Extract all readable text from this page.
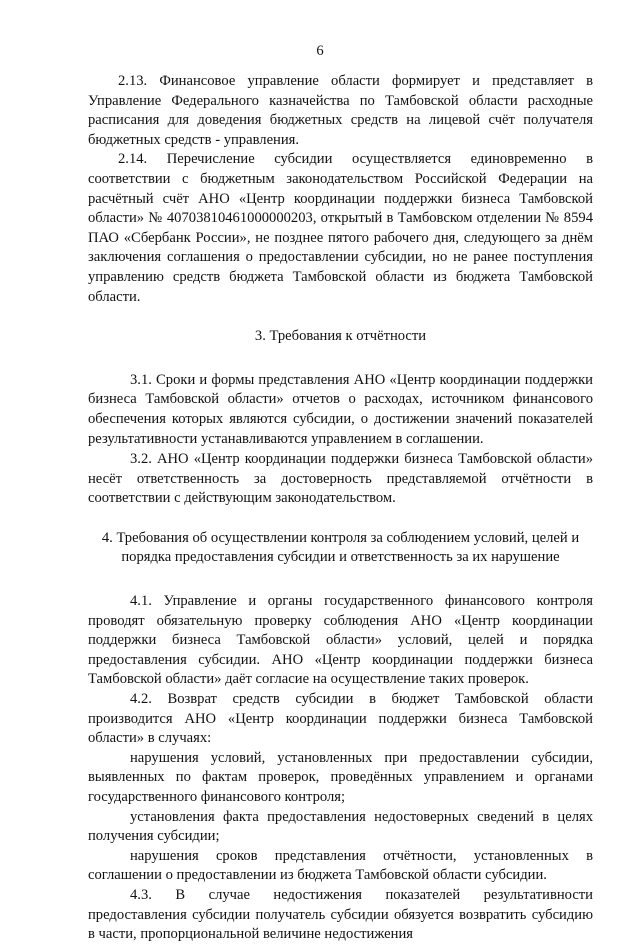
6

2.13. Финансовое управление области формирует и представляет в Управление Федерального казначейства по Тамбовской области расходные расписания для доведения бюджетных средств на лицевой счёт получателя бюджетных средств - управления.

2.14. Перечисление субсидии осуществляется единовременно в соответствии с бюджетным законодательством Российской Федерации на расчётный счёт АНО «Центр координации поддержки бизнеса Тамбовской области» № 40703810461000000203, открытый в Тамбовском отделении № 8594 ПАО «Сбербанк России», не позднее пятого рабочего дня, следующего за днём заключения соглашения о предоставлении субсидии, но не ранее поступления управлению средств бюджета Тамбовской области из бюджета Тамбовской области.

3. Требования к отчётности

3.1. Сроки и формы представления АНО «Центр координации поддержки бизнеса Тамбовской области» отчетов о расходах, источником финансового обеспечения которых являются субсидии, о достижении значений показателей результативности устанавливаются управлением в соглашении.

3.2. АНО «Центр координации поддержки бизнеса Тамбовской области» несёт ответственность за достоверность представляемой отчётности в соответствии с действующим законодательством.

4. Требования об осуществлении контроля за соблюдением условий, целей и
порядка предоставления субсидии и ответственность за их нарушение

4.1. Управление и органы государственного финансового контроля проводят обязательную проверку соблюдения АНО «Центр координации поддержки бизнеса Тамбовской области» условий, целей и порядка предоставления субсидии. АНО «Центр координации поддержки бизнеса Тамбовской области» даёт согласие на осуществление таких проверок.

4.2. Возврат средств субсидии в бюджет Тамбовской области производится АНО «Центр координации поддержки бизнеса Тамбовской области» в случаях:

нарушения условий, установленных при предоставлении субсидии, выявленных по фактам проверок, проведённых управлением и органами государственного финансового контроля;

установления факта предоставления недостоверных сведений в целях получения субсидии;

нарушения сроков представления отчётности, установленных в соглашении о предоставлении из бюджета Тамбовской области субсидии.

4.3. В случае недостижения показателей результативности предоставления субсидии получатель субсидии обязуется возвратить субсидию в части, пропорциональной величине недостижения
